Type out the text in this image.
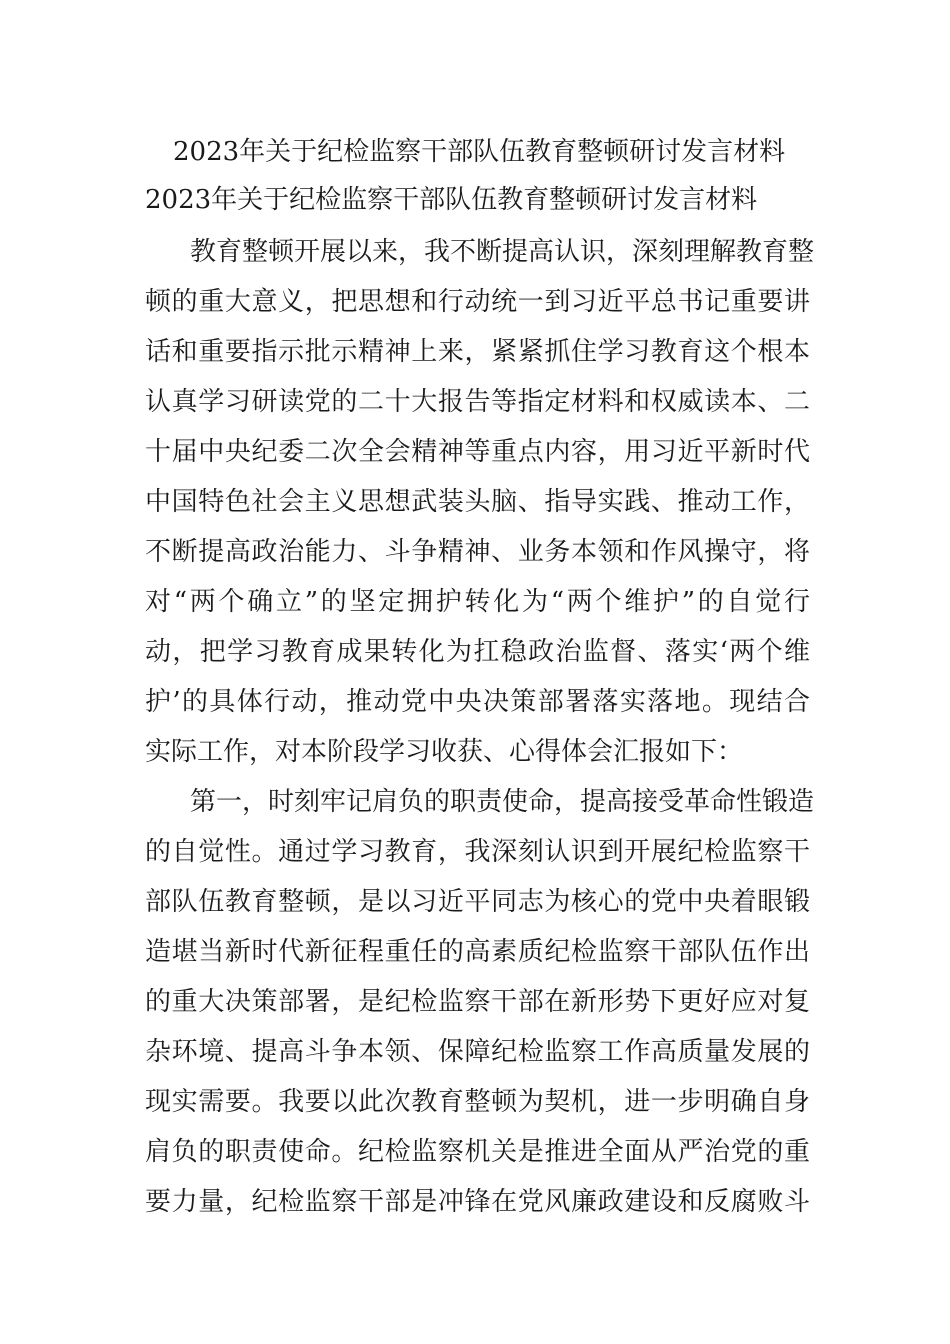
2023年关于纪检监察干部队伍教育整顿研讨发言材料
2023年关于纪检监察干部队伍教育整顿研讨发言材料
教育整顿开展以来，我不断提高认识，深刻理解教育整
顿的重大意义，把思想和行动统一到习近平总书记重要讲
话和重要指示批示精神上来，紧紧抓住学习教育这个根本
认真学习研读党的二十大报告等指定材料和权威读本、二
十届中央纪委二次全会精神等重点内容，用习近平新时代
中国特色社会主义思想武装头脑、指导实践、推动工作，
不断提高政治能力、斗争精神、业务本领和作风操守，将
对“两个确立”的坚定拥护转化为“两个维护”的自觉行
动，把学习教育成果转化为扛稳政治监督、落实‘两个维
护’的具体行动，推动党中央决策部署落实落地。现结合
实际工作，对本阶段学习收获、心得体会汇报如下：
第一，时刻牢记肩负的职责使命，提高接受革命性锻造
的自觉性。通过学习教育，我深刻认识到开展纪检监察干
部队伍教育整顿，是以习近平同志为核心的党中央着眼锻
造堪当新时代新征程重任的高素质纪检监察干部队伍作出
的重大决策部署，是纪检监察干部在新形势下更好应对复
杂环境、提高斗争本领、保障纪检监察工作高质量发展的
现实需要。我要以此次教育整顿为契机，进一步明确自身
肩负的职责使命。纪检监察机关是推进全面从严治党的重
要力量，纪检监察干部是冲锋在党风廉政建设和反腐败斗
